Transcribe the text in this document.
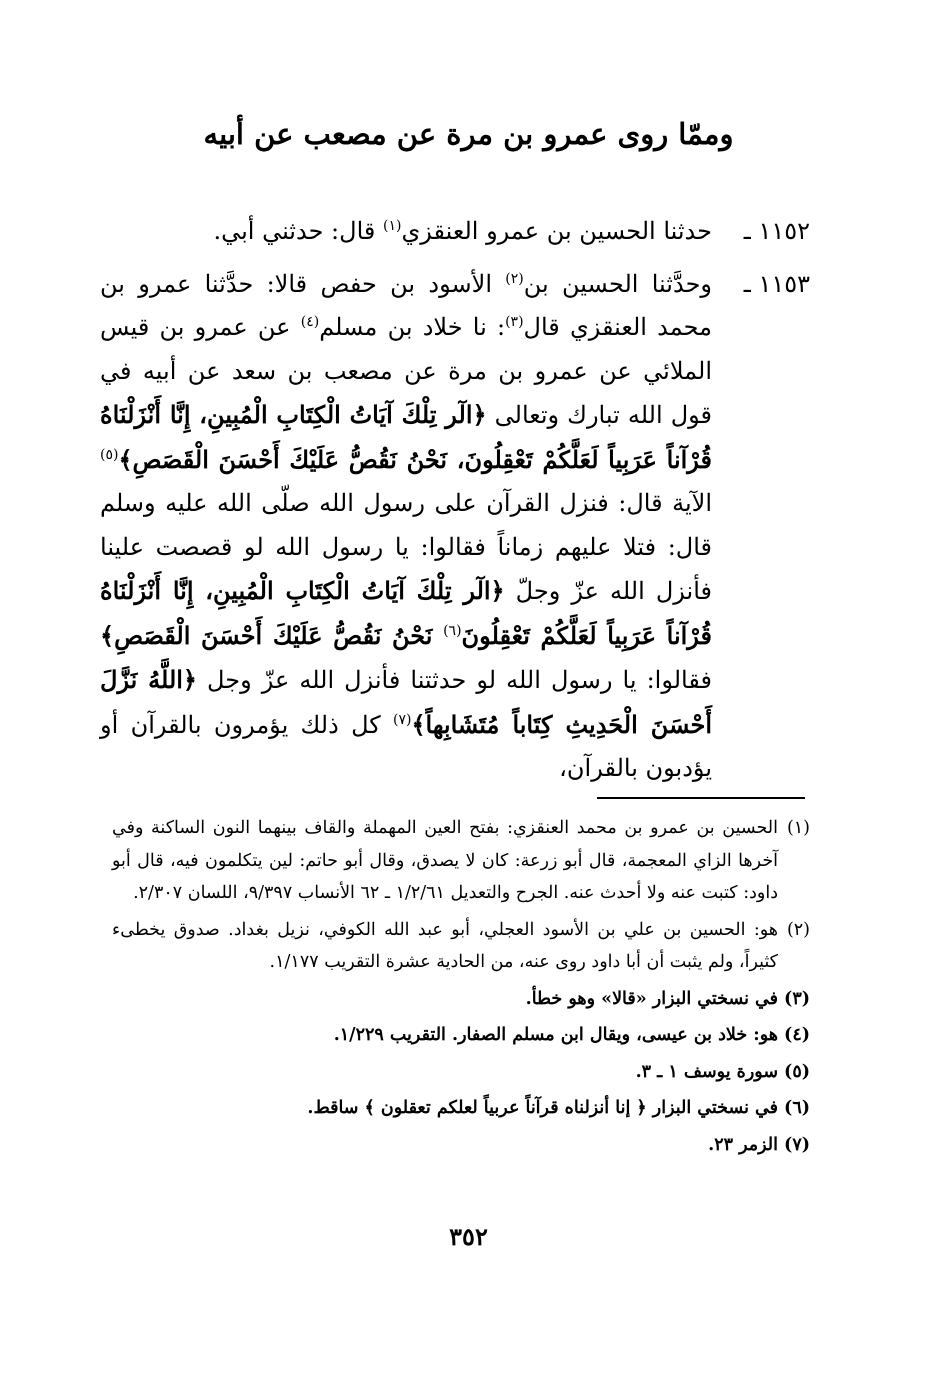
وممّا روى عمرو بن مرة عن مصعب عن أبيه

١١٥٢ ـحدثنا الحسين بن عمرو العنقزي$^{(١)}$ قال: حدثني أبي.

١١٥٣ ـوحدَّثنا الحسين بن$^{(٢)}$ الأسود بن حفص قالا: حدَّثنا عمرو بن محمد العنقزي قال$^{(٣)}$: نا خلاد بن مسلم$^{(٤)}$ عن عمرو بن قيس الملائي عن عمرو بن مرة عن مصعب بن سعد عن أبيه في قول الله تبارك وتعالى ﴿الٓر تِلْكَ آيَاتُ الْكِتَابِ الْمُبِينِ، إِنَّا أَنْزَلْنَاهُ قُرْآناً عَرَبِياً لَعَلَّكُمْ تَعْقِلُونَ، نَحْنُ نَقُصُّ عَلَيْكَ أَحْسَنَ الْقَصَصِ﴾$^{(٥)}$ الآية قال: فنزل القرآن على رسول الله صلّى الله عليه وسلم قال: فتلا عليهم زماناً فقالوا: يا رسول الله لو قصصت علينا فأنزل الله عزّ وجلّ ﴿الٓر تِلْكَ آيَاتُ الْكِتَابِ الْمُبِينِ، إِنَّا أَنْزَلْنَاهُ قُرْآناً عَرَبِياً لَعَلَّكُمْ تَعْقِلُونَ$^{(٦)}$ نَحْنُ نَقُصُّ عَلَيْكَ أَحْسَنَ الْقَصَصِ﴾ فقالوا: يا رسول الله لو حدثتنا فأنزل الله عزّ وجل ﴿اللَّهُ نَزَّلَ أَحْسَنَ الْحَدِيثِ كِتَاباً مُتَشَابِهاً﴾$^{(٧)}$ كل ذلك يؤمرون بالقرآن أو يؤدبون بالقرآن،

(١)الحسين بن عمرو بن محمد العنقزي: بفتح العين المهملة والقاف بينهما النون الساكنة وفي آخرها الزاي المعجمة، قال أبو زرعة: كان لا يصدق، وقال أبو حاتم: لين يتكلمون فيه، قال أبو داود: كتبت عنه ولا أحدث عنه. الجرح والتعديل ١/٢/٦١ ـ ٦٢ الأنساب ٩/٣٩٧، اللسان ٢/٣٠٧.

(٢)هو: الحسين بن علي بن الأسود العجلي، أبو عبد الله الكوفي، نزيل بغداد. صدوق يخطىء كثيراً، ولم يثبت أن أبا داود روى عنه، من الحادية عشرة التقريب ١/١٧٧.

(٣)في نسختي البزار «قالا» وهو خطأ.

(٤)هو: خلاد بن عيسى، ويقال ابن مسلم الصفار. التقريب ١/٢٢٩.

(٥)سورة يوسف ١ ـ ٣.

(٦)في نسختي البزار ﴿ إنا أنزلناه قرآناً عربياً لعلكم تعقلون ﴾ ساقط.

(٧)الزمر ٢٣.

٣٥٢
